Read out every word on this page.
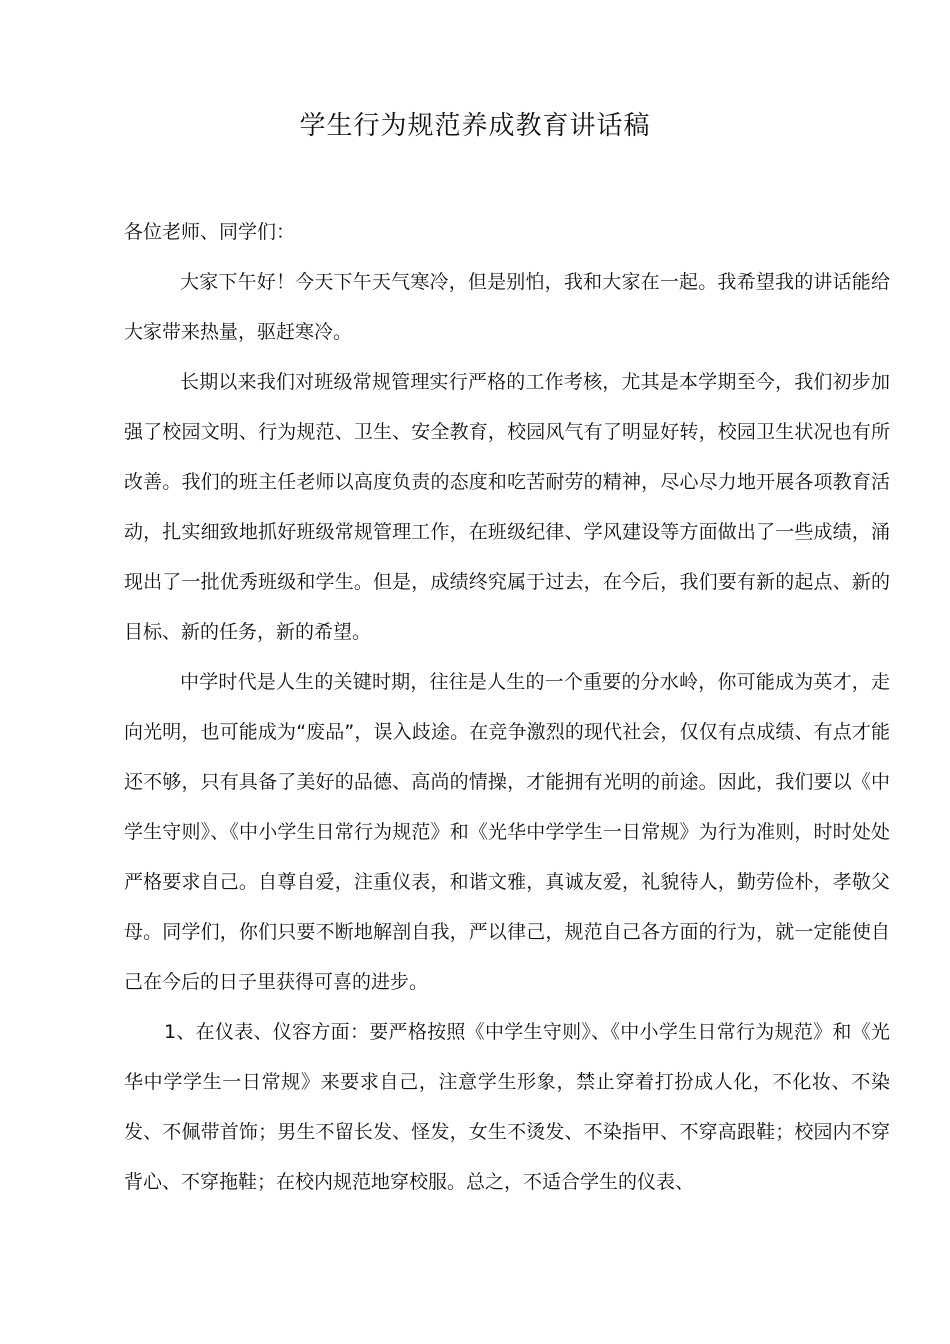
学生行为规范养成教育讲话稿

各位老师、同学们：

大家下午好！今天下午天气寒冷，但是别怕，我和大家在一起。我希望我的讲话能给大家带来热量，驱赶寒冷。

长期以来我们对班级常规管理实行严格的工作考核，尤其是本学期至今，我们初步加强了校园文明、行为规范、卫生、安全教育，校园风气有了明显好转，校园卫生状况也有所改善。我们的班主任老师以高度负责的态度和吃苦耐劳的精神，尽心尽力地开展各项教育活动，扎实细致地抓好班级常规管理工作，在班级纪律、学风建设等方面做出了一些成绩，涌现出了一批优秀班级和学生。但是，成绩终究属于过去，在今后，我们要有新的起点、新的目标、新的任务，新的希望。

中学时代是人生的关键时期，往往是人生的一个重要的分水岭，你可能成为英才，走向光明，也可能成为“废品”，误入歧途。在竞争激烈的现代社会，仅仅有点成绩、有点才能还不够，只有具备了美好的品德、高尚的情操，才能拥有光明的前途。因此，我们要以《中学生守则》、《中小学生日常行为规范》和《光华中学学生一日常规》为行为准则，时时处处严格要求自己。自尊自爱，注重仪表，和谐文雅，真诚友爱，礼貌待人，勤劳俭朴，孝敬父母。同学们，你们只要不断地解剖自我，严以律己，规范自己各方面的行为，就一定能使自己在今后的日子里获得可喜的进步。

1、在仪表、仪容方面：要严格按照《中学生守则》、《中小学生日常行为规范》和《光华中学学生一日常规》来要求自己，注意学生形象，禁止穿着打扮成人化，不化妆、不染发、不佩带首饰；男生不留长发、怪发，女生不烫发、不染指甲、不穿高跟鞋；校园内不穿背心、不穿拖鞋；在校内规范地穿校服。总之，不适合学生的仪表、
